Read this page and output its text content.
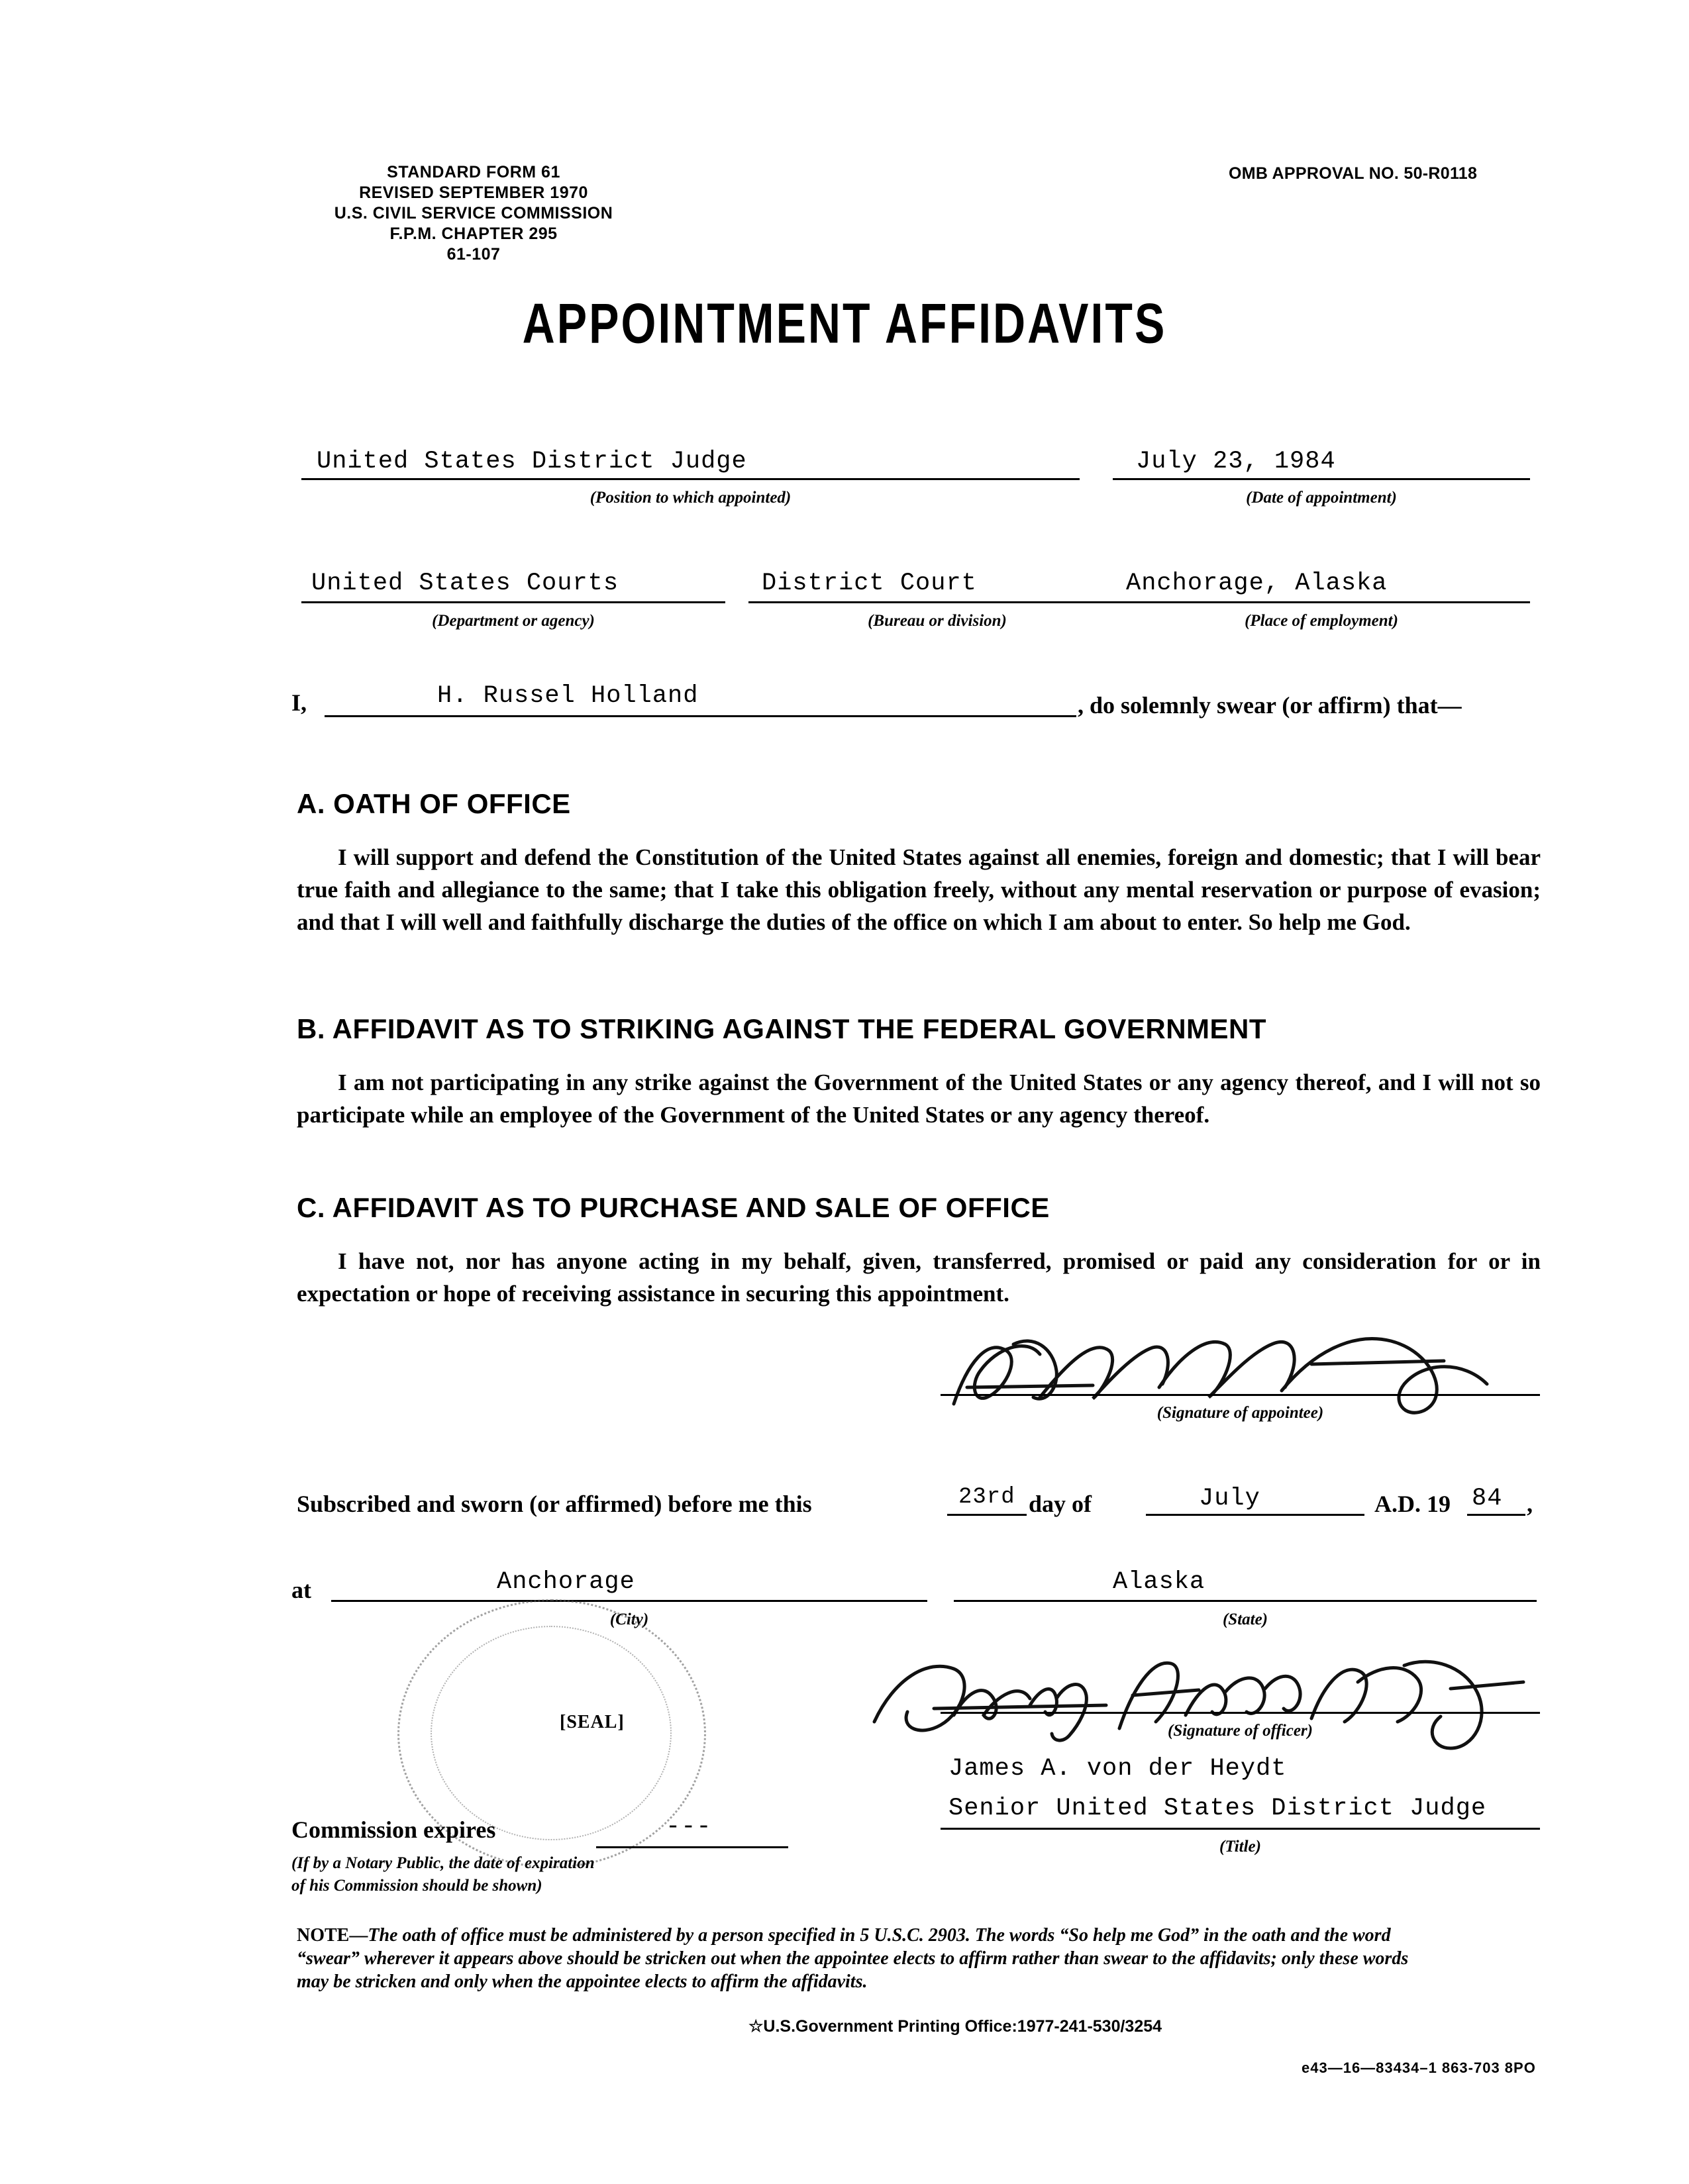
STANDARD FORM 61
REVISED SEPTEMBER 1970
U.S. CIVIL SERVICE COMMISSION
F.P.M. CHAPTER 295
61-107
OMB APPROVAL NO. 50-R0118
APPOINTMENT AFFIDAVITS
United States District Judge
(Position to which appointed)
July 23, 1984
(Date of appointment)
United States Courts
(Department or agency)
District Court
(Bureau or division)
Anchorage, Alaska
(Place of employment)
I,	H. Russel Holland	, do solemnly swear (or affirm) that—
A. OATH OF OFFICE
I will support and defend the Constitution of the United States against all enemies, foreign and domestic; that I will bear true faith and allegiance to the same; that I take this obligation freely, without any mental reservation or purpose of evasion; and that I will well and faithfully discharge the duties of the office on which I am about to enter. So help me God.
B. AFFIDAVIT AS TO STRIKING AGAINST THE FEDERAL GOVERNMENT
I am not participating in any strike against the Government of the United States or any agency thereof, and I will not so participate while an employee of the Government of the United States or any agency thereof.
C. AFFIDAVIT AS TO PURCHASE AND SALE OF OFFICE
I have not, nor has anyone acting in my behalf, given, transferred, promised or paid any consideration for or in expectation or hope of receiving assistance in securing this appointment.
(Signature of appointee)
Subscribed and sworn (or affirmed) before me this	23rd day of	July	A.D. 19 84 ,
at	Anchorage
(City)
Alaska
(State)
[SEAL]	(Signature of officer)
James A. von der Heydt
Senior United States District Judge
(Title)
Commission expires	---
(If by a Notary Public, the date of expiration
of his Commission should be shown)
NOTE—The oath of office must be administered by a person specified in 5 U.S.C. 2903. The words “So help me God” in the oath and the word “swear” wherever it appears above should be stricken out when the appointee elects to affirm rather than swear to the affidavits; only these words may be stricken and only when the appointee elects to affirm the affidavits.
☆U.S.Government Printing Office:1977-241-530/3254
e43—16—83434–1 863-703 8PO
